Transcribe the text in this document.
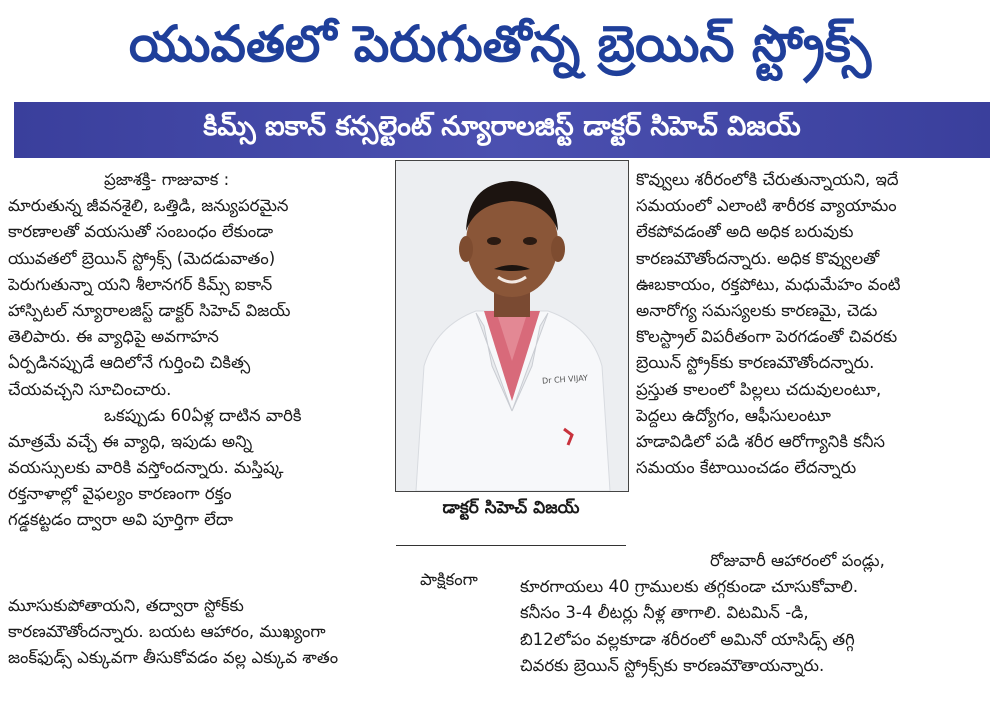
యువతలో పెరుగుతోన్న బ్రెయిన్ స్ట్రోక్స్
కిమ్స్ ఐకాన్ కన్సల్టెంట్ న్యూరాలజిస్ట్ డాక్టర్ సిహెచ్ విజయ్
ప్రజాశక్తి- గాజువాక :
మారుతున్న జీవనశైలి, ఒత్తిడి, జన్యుపరమైన
కారణాలతో వయసుతో సంబంధం లేకుండా
యువతలో బ్రెయిన్ స్ట్రోక్స్ (మెదడువాతం)
పెరుగుతున్నా యని శీలానగర్ కిమ్స్ ఐకాన్
హాస్పిటల్ న్యూరాలజిస్ట్ డాక్టర్ సిహెచ్ విజయ్
తెలిపారు. ఈ వ్యాధిపై అవగాహన
ఏర్పడినప్పుడే ఆదిలోనే గుర్తించి చికిత్స
చేయవచ్చని సూచించారు.
ఒకప్పుడు 60ఏళ్ల దాటిన వారికి
మాత్రమే వచ్చే ఈ వ్యాధి, ఇపుడు అన్ని
వయస్సులకు వారికి వస్తోందన్నారు. మస్తిష్క
రక్తనాళాల్లో వైఫల్యం కారణంగా రక్తం
గడ్డకట్టడం ద్వారా అవి పూర్తిగా లేదా
పాక్షికంగా
మూసుకుపోతాయని, తద్వారా స్టోక్‌కు
కారణమౌతోందన్నారు. బయట ఆహారం, ముఖ్యంగా
జంక్‌ఫుడ్స్ ఎక్కువగా తీసుకోవడం వల్ల ఎక్కువ శాతం
Dr CH VIJAY
డాక్టర్ సిహెచ్ విజయ్
కొవ్వులు శరీరంలోకి చేరుతున్నాయని, ఇదే
సమయంలో ఎలాంటి శారీరక వ్యాయామం
లేకపోవడంతో అది అధిక బరువుకు
కారణమౌతోందన్నారు. అధిక కొవ్వులతో
ఊబకాయం, రక్తపోటు, మధుమేహం వంటి
అనారోగ్య సమస్యలకు కారణమై, చెడు
కొలస్ట్రాల్ విపరీతంగా పెరగడంతో చివరకు
బ్రెయిన్ స్ట్రోక్‌కు కారణమౌతోందన్నారు.
ప్రస్తుత కాలంలో పిల్లలు చదువులంటూ,
పెద్దలు ఉద్యోగం, ఆఫీసులంటూ
హడావిడిలో పడి శరీర ఆరోగ్యానికి కనీస
సమయం కేటాయించడం లేదన్నారు
రోజువారీ ఆహారంలో పండ్లు,
కూరగాయలు 40 గ్రాములకు తగ్గకుండా చూసుకోవాలి.
కనీసం 3-4 లీటర్లు నీళ్ల తాగాలి. విటమిన్ -డి,
బి12లోపం వల్లకూడా శరీరంలో అమినో యాసిడ్స్ తగ్గి
చివరకు బ్రెయిన్ స్ట్రోక్స్‌కు కారణమౌతాయన్నారు.
